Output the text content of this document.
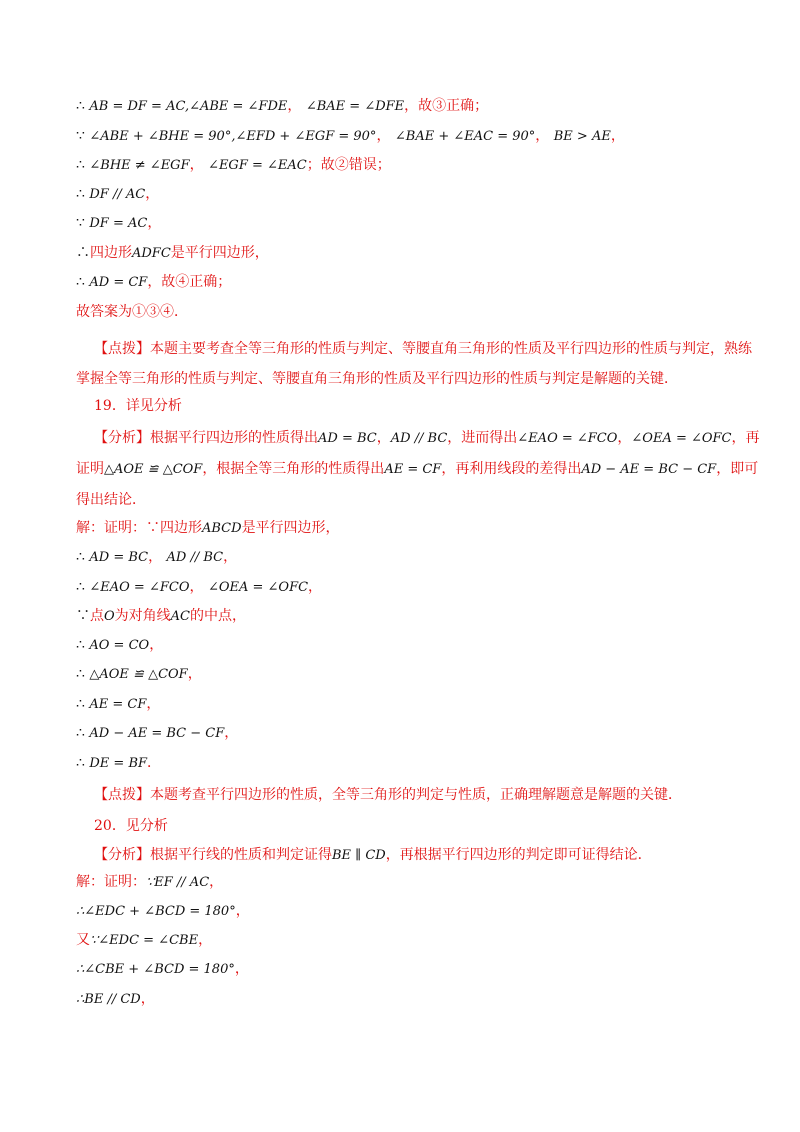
∴ AB = DF = AC,∠ABE = ∠FDE， ∠BAE = ∠DFE，故③正确；
∵ ∠ABE + ∠BHE = 90°,∠EFD + ∠EGF = 90°， ∠BAE + ∠EAC = 90°， BE > AE，
∴ ∠BHE ≠ ∠EGF， ∠EGF = ∠EAC；故②错误；
∴ DF // AC，
∵ DF = AC，
∴四边形ADFC是平行四边形，
∴ AD = CF，故④正确；
故答案为①③④．
【点拨】本题主要考查全等三角形的性质与判定、等腰直角三角形的性质及平行四边形的性质与判定，熟练掌握全等三角形的性质与判定、等腰直角三角形的性质及平行四边形的性质与判定是解题的关键．
19．详见分析
【分析】根据平行四边形的性质得出AD = BC，AD // BC，进而得出∠EAO = ∠FCO，∠OEA = ∠OFC，再证明△AOE ≌ △COF，根据全等三角形的性质得出AE = CF，再利用线段的差得出AD − AE = BC − CF，即可得出结论．
解：证明：∵四边形ABCD是平行四边形，
∴ AD = BC， AD // BC，
∴ ∠EAO = ∠FCO， ∠OEA = ∠OFC，
∵点O为对角线AC的中点，
∴ AO = CO，
∴ △AOE ≌ △COF，
∴ AE = CF，
∴ AD − AE = BC − CF，
∴ DE = BF．
【点拨】本题考查平行四边形的性质，全等三角形的判定与性质，正确理解题意是解题的关键．
20．见分析
【分析】根据平行线的性质和判定证得BE ∥ CD，再根据平行四边形的判定即可证得结论．
解：证明：∵EF // AC，
∴∠EDC + ∠BCD = 180°，
又∵∠EDC = ∠CBE，
∴∠CBE + ∠BCD = 180°，
∴BE // CD，
